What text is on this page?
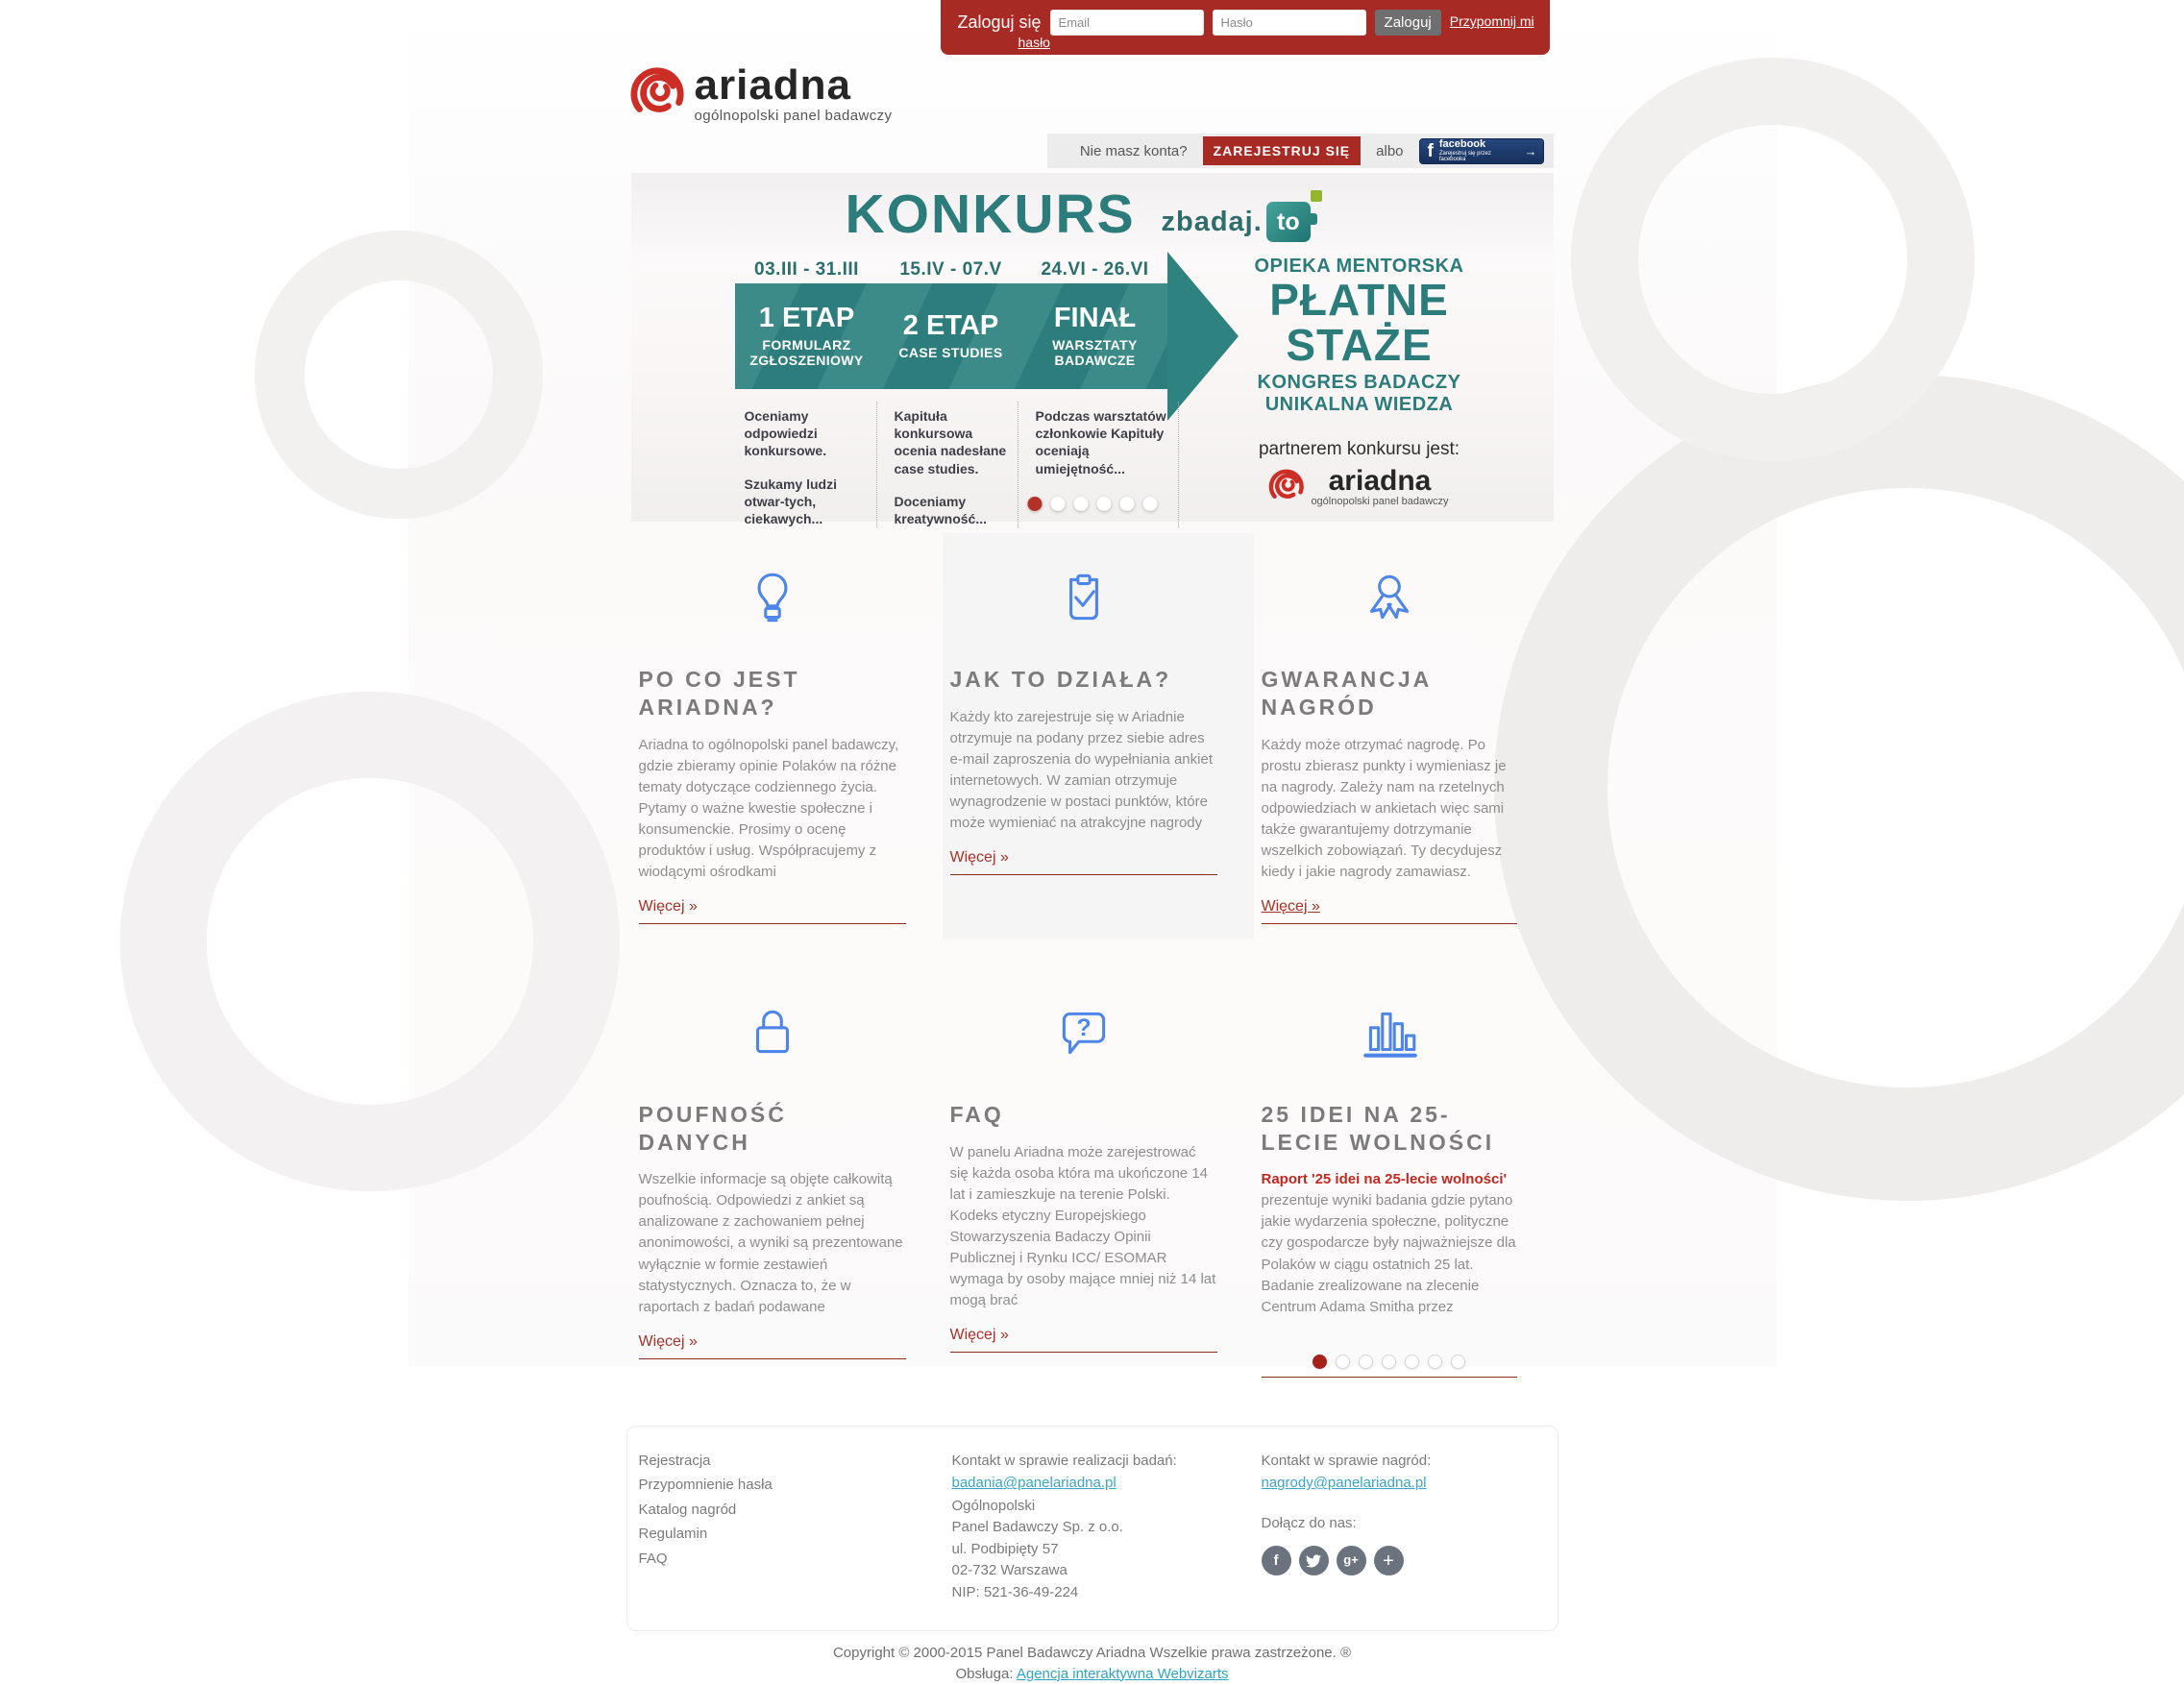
Zaloguj się
Email	Zaloguj	Przypomnij mi
hasło
ariadna
ogólnopolski panel badawczy
Nie masz konta?	ZAREJESTRUJ SIĘ	albo f facebook
Zarejestruj się przez facebooka
→
KONKURS zbadaj. to
03.III - 31.III	15.IV - 07.V	24.VI - 26.VI
1 ETAP
FORMULARZ ZGŁOSZENIOWY
2 ETAP
CASE STUDIES
FINAŁ
WARSZTATY BADAWCZE

Oceniamy odpowiedzi konkursowe.

Szukamy ludzi otwar-tych, ciekawych...

Kapituła konkursowa ocenia nadesłane case studies.

Doceniamy kreatywność...

Podczas warsztatów członkowie Kapituły oceniają umiejętność...

OPIEKA MENTORSKA
PŁATNE
STAŻE
KONGRES BADACZY
UNIKALNA WIEDZA
partnerem konkursu jest:
ariadna
ogólnopolski panel badawczy
PO CO JEST ARIADNA?
Ariadna to ogólnopolski panel badawczy, gdzie zbieramy opinie Polaków na różne tematy dotyczące codziennego życia. Pytamy o ważne kwestie społeczne i konsumenckie. Prosimy o ocenę produktów i usług. Współpracujemy z wiodącymi ośrodkami
Więcej »
JAK TO DZIAŁA?
Każdy kto zarejestruje się w Ariadnie otrzymuje na podany przez siebie adres e-mail zaproszenia do wypełniania ankiet internetowych. W zamian otrzymuje wynagrodzenie w postaci punktów, które może wymieniać na atrakcyjne nagrody
Więcej »
GWARANCJA NAGRÓD
Każdy może otrzymać nagrodę. Po prostu zbierasz punkty i wymieniasz je na nagrody. Zależy nam na rzetelnych odpowiedziach w ankietach więc sami także gwarantujemy dotrzymanie wszelkich zobowiązań. Ty decydujesz kiedy i jakie nagrody zamawiasz.
Więcej »
POUFNOŚĆ DANYCH
Wszelkie informacje są objęte całkowitą poufnością. Odpowiedzi z ankiet są analizowane z zachowaniem pełnej anonimowości, a wyniki są prezentowane wyłącznie w formie zestawień statystycznych. Oznacza to, że w raportach z badań podawane
Więcej »
?
FAQ
W panelu Ariadna może zarejestrować się każda osoba która ma ukończone 14 lat i zamieszkuje na terenie Polski. Kodeks etyczny Europejskiego Stowarzyszenia Badaczy Opinii Publicznej i Rynku ICC/ ESOMAR wymaga by osoby mające mniej niż 14 lat mogą brać
Więcej »
25 IDEI NA 25-LECIE WOLNOŚCI
Raport '25 idei na 25-lecie wolności' prezentuje wyniki badania gdzie pytano jakie wydarzenia społeczne, polityczne czy gospodarcze były najważniejsze dla Polaków w ciągu ostatnich 25 lat. Badanie zrealizowane na zlecenie Centrum Adama Smitha przez
Rejestracja
Przypomnienie hasła
Katalog nagród
Regulamin
FAQ
Kontakt w sprawie realizacji badań:
badania@panelariadna.pl
Ogólnopolski
Panel Badawczy Sp. z o.o.
ul. Podbipięty 57
02-732 Warszawa
NIP: 521-36-49-224
Kontakt w sprawie nagród:
nagrody@panelariadna.pl
Dołącz do nas:
f	g+	+
Copyright © 2000-2015 Panel Badawczy Ariadna Wszelkie prawa zastrzeżone. ®
Obsługa: Agencja interaktywna Webvizarts
